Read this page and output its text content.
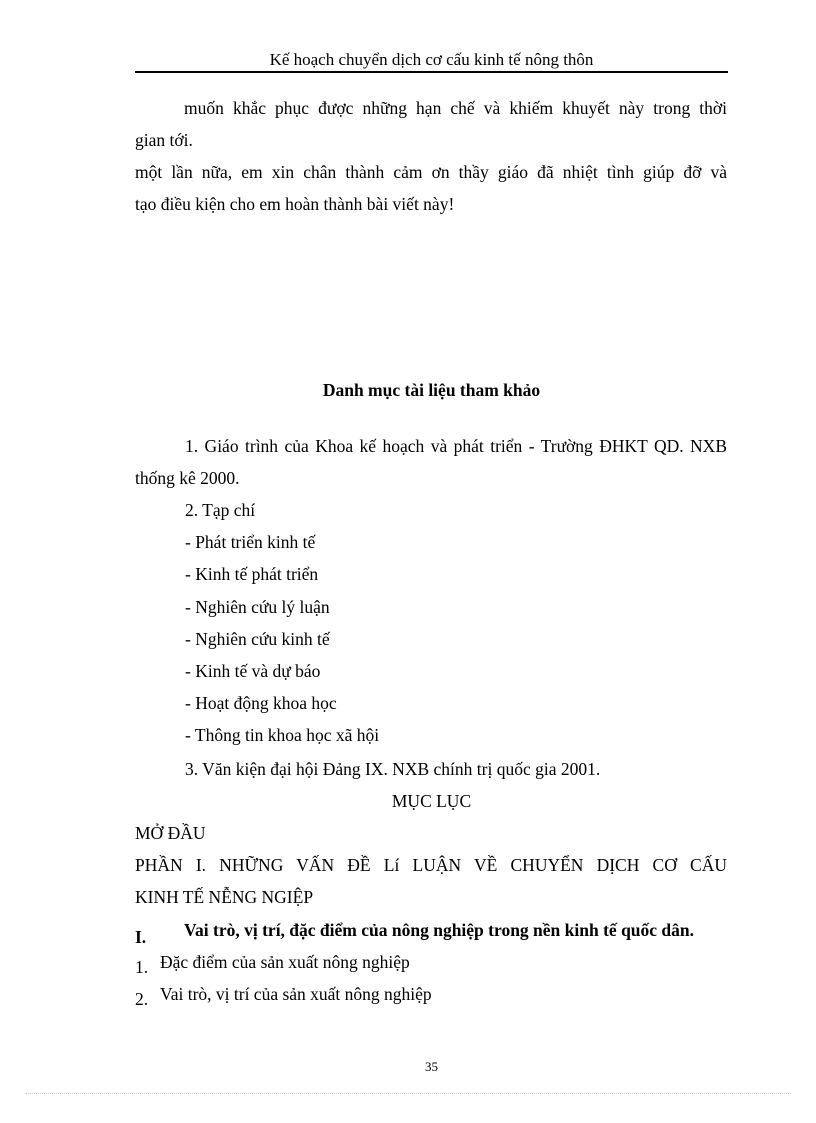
Kế hoạch chuyển dịch cơ cấu kinh tế nông thôn
muốn khắc phục được những hạn chế và khiếm khuyết này trong thời
gian tới.
một lần nữa, em xin chân thành cảm ơn thầy giáo đã nhiệt tình giúp đỡ và
tạo điều kiện cho em hoàn thành bài viết này!
Danh mục tài liệu tham khảo
1. Giáo trình của Khoa kế hoạch và phát triển - Trường ĐHKT QD. NXB
thống kê 2000.
2. Tạp chí
- Phát triển kinh tế
- Kinh tế phát triển
- Nghiên cứu lý luận
- Nghiên cứu kinh tế
- Kinh tế và dự báo
- Hoạt động khoa học
- Thông tin khoa học xã hội
3. Văn kiện đại hội Đảng IX. NXB chính trị quốc gia 2001.
MỤC LỤC
MỞ ĐẦU
PHẦN I. NHỮNG VẤN ĐỀ Lí LUẬN VỀ CHUYỂN DỊCH CƠ CẤU
KINH TẾ NỄNG NGIỆP
I. Vai trò, vị trí, đặc điểm của nông nghiệp trong nền kinh tế quốc dân.
1. Đặc điểm của sản xuất nông nghiệp
2. Vai trò, vị trí của sản xuất nông nghiệp
35
